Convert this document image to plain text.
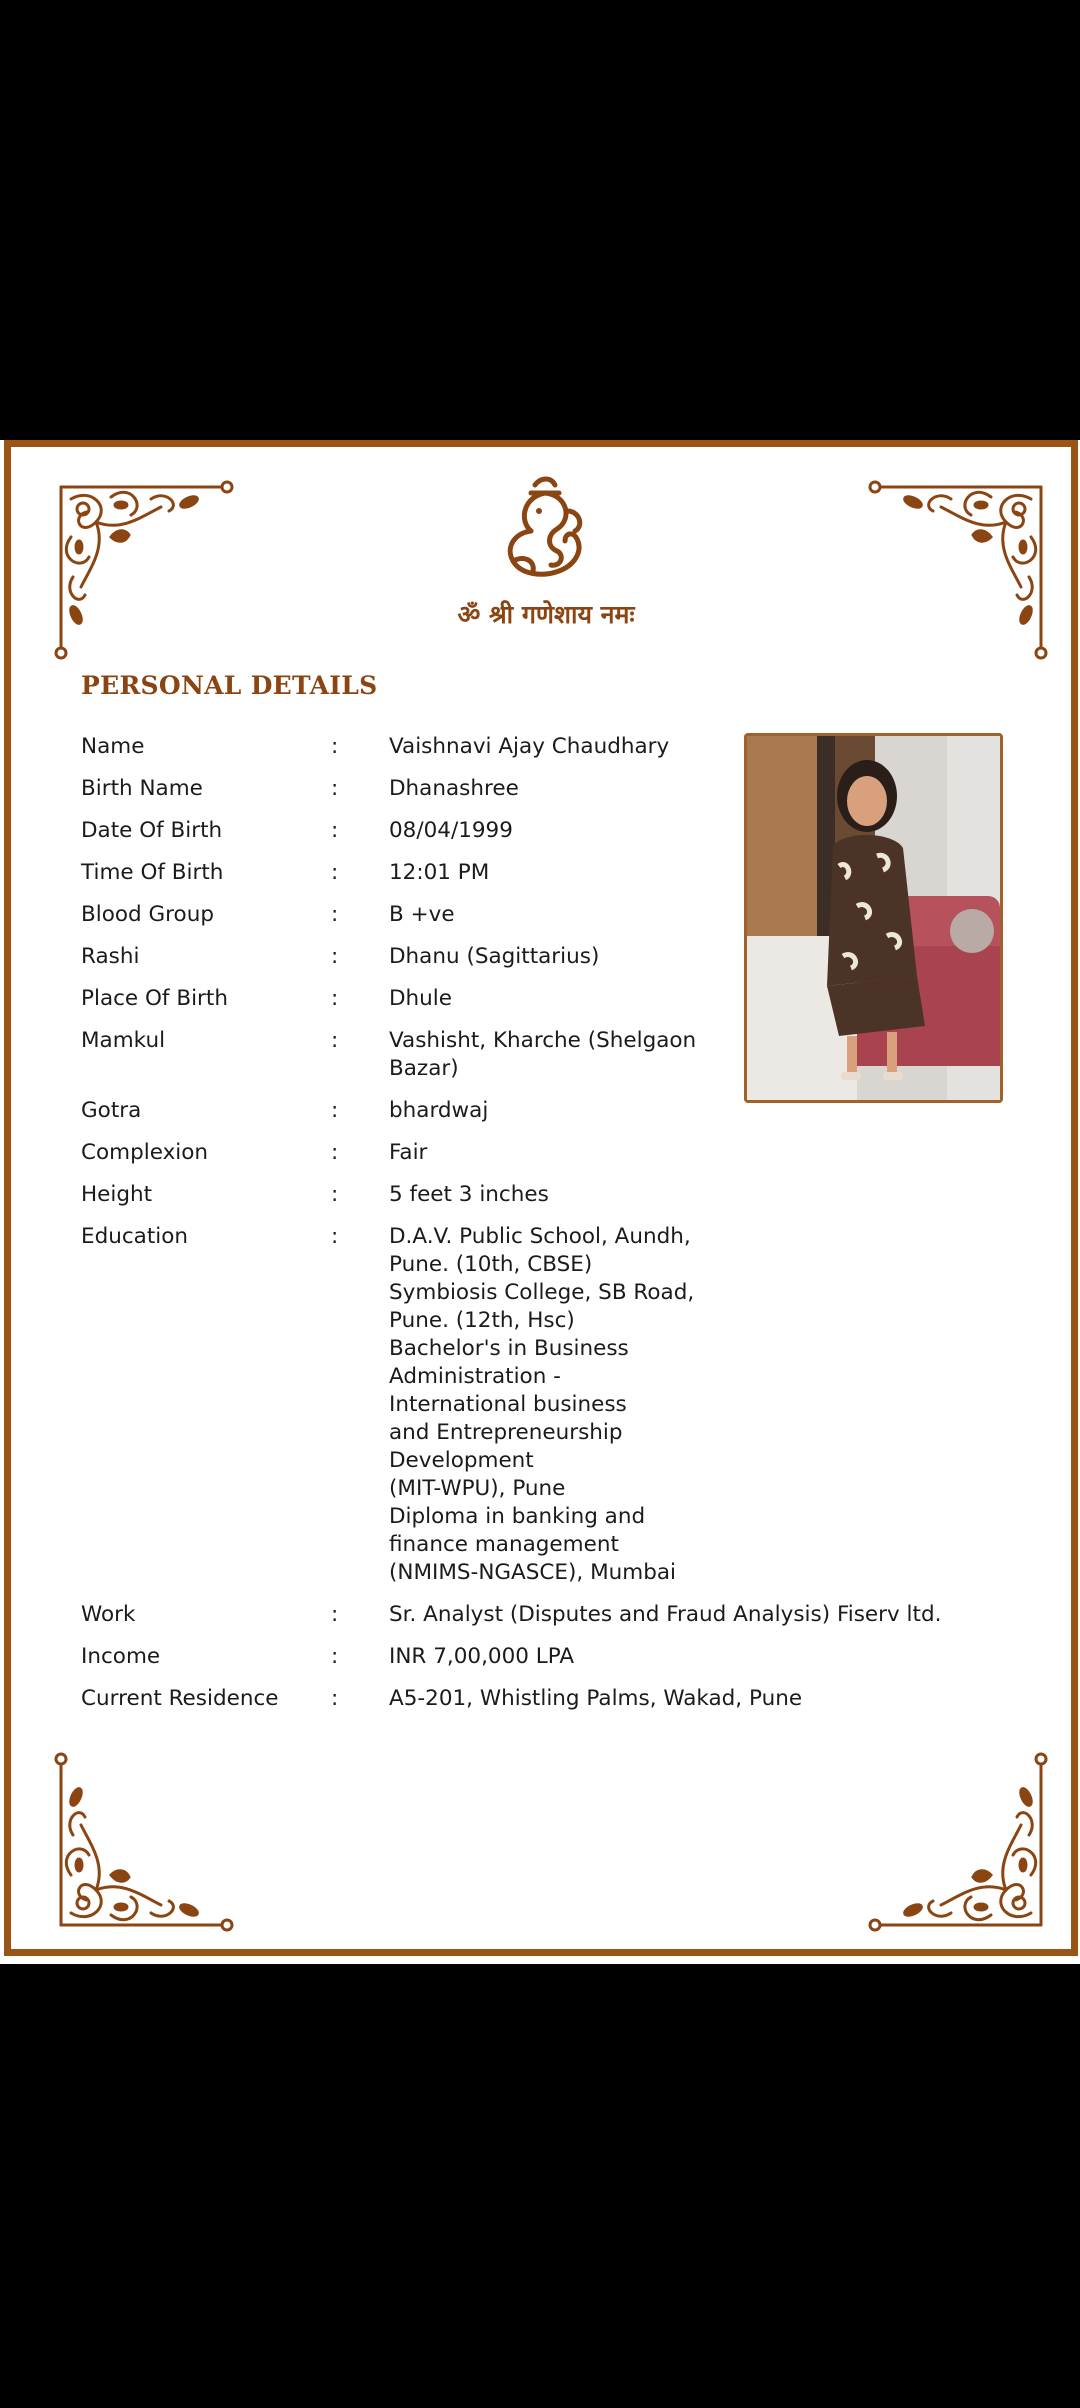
ॐ श्री गणेशाय नमः
PERSONAL DETAILS
Name	:	Vaishnavi Ajay Chaudhary
Birth Name	:	Dhanashree
Date Of Birth	:	08/04/1999
Time Of Birth	:	12:01 PM
Blood Group	:	B +ve
Rashi	:	Dhanu (Sagittarius)
Place Of Birth	:	Dhule
Mamkul	:	Vashisht, Kharche (Shelgaon
Bazar)
Gotra	:	bhardwaj
Complexion	:	Fair
Height	:	5 feet 3 inches
Education	:	D.A.V. Public School, Aundh,
Pune. (10th, CBSE)
Symbiosis College, SB Road,
Pune. (12th, Hsc)
Bachelor's in Business
Administration -
International business
and Entrepreneurship
Development
(MIT-WPU), Pune
Diploma in banking and
finance management
(NMIMS-NGASCE), Mumbai
Work	:	Sr. Analyst (Disputes and Fraud Analysis) Fiserv ltd.
Income	:	INR 7,00,000 LPA
Current Residence	:	A5-201, Whistling Palms, Wakad, Pune
